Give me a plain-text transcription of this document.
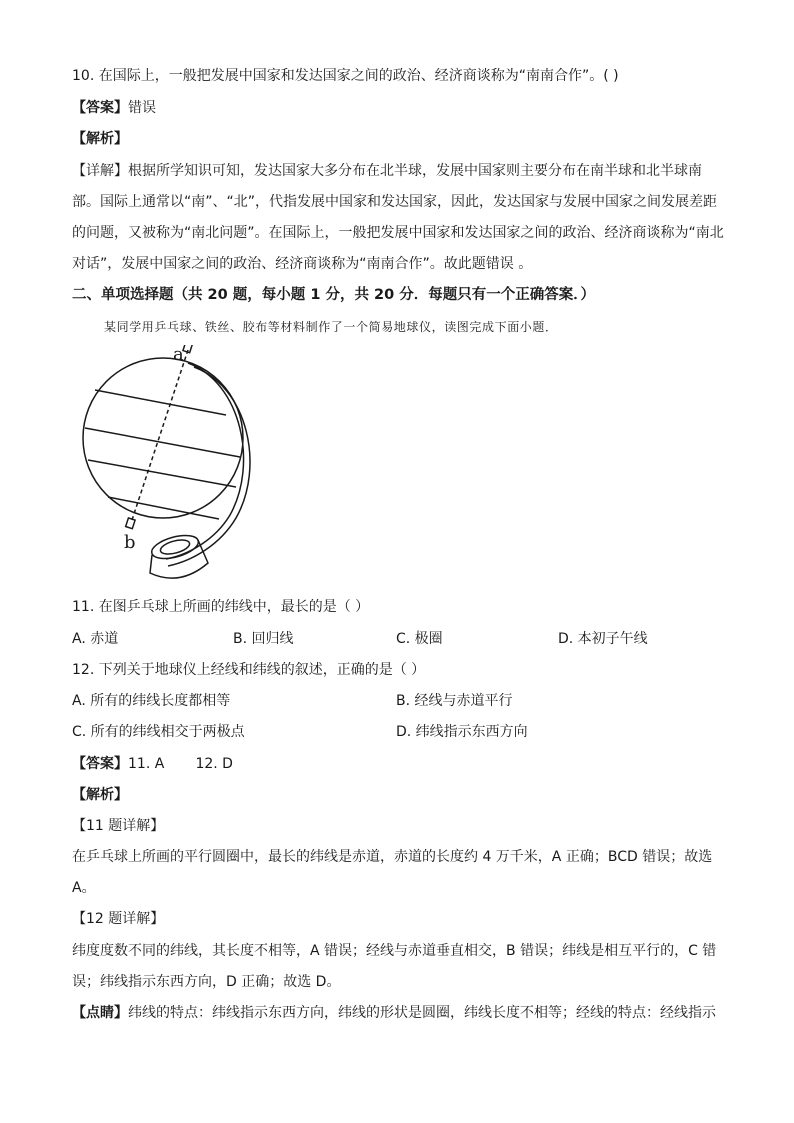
10. 在国际上，一般把发展中国家和发达国家之间的政治、经济商谈称为“南南合作”。( )
【答案】错误
【解析】
【详解】根据所学知识可知，发达国家大多分布在北半球，发展中国家则主要分布在南半球和北半球南
部。国际上通常以“南”、“北”，代指发展中国家和发达国家，因此，发达国家与发展中国家之间发展差距
的问题，又被称为“南北问题”。在国际上，一般把发展中国家和发达国家之间的政治、经济商谈称为“南北
对话”，发展中国家之间的政治、经济商谈称为“南南合作”。故此题错误 。
二、单项选择题（共 20 题，每小题 1 分，共 20 分．每题只有一个正确答案．）
某同学用乒乓球、铁丝、胶布等材料制作了一个简易地球仪，读图完成下面小题．
a
b
11. 在图乒乓球上所画的纬线中，最长的是（ ）
A. 赤道	B. 回归线	C. 极圈	D. 本初子午线
12. 下列关于地球仪上经线和纬线的叙述，正确的是（ ）
A. 所有的纬线长度都相等	B. 经线与赤道平行
C. 所有的纬线相交于两极点	D. 纬线指示东西方向
【答案】11. A       12. D
【解析】
【11 题详解】
在乒乓球上所画的平行圆圈中，最长的纬线是赤道，赤道的长度约 4 万千米，A 正确；BCD 错误；故选
A。
【12 题详解】
纬度度数不同的纬线，其长度不相等，A 错误；经线与赤道垂直相交，B 错误；纬线是相互平行的，C 错
误；纬线指示东西方向，D 正确；故选 D。
【点睛】纬线的特点：纬线指示东西方向，纬线的形状是圆圈，纬线长度不相等；经线的特点：经线指示
